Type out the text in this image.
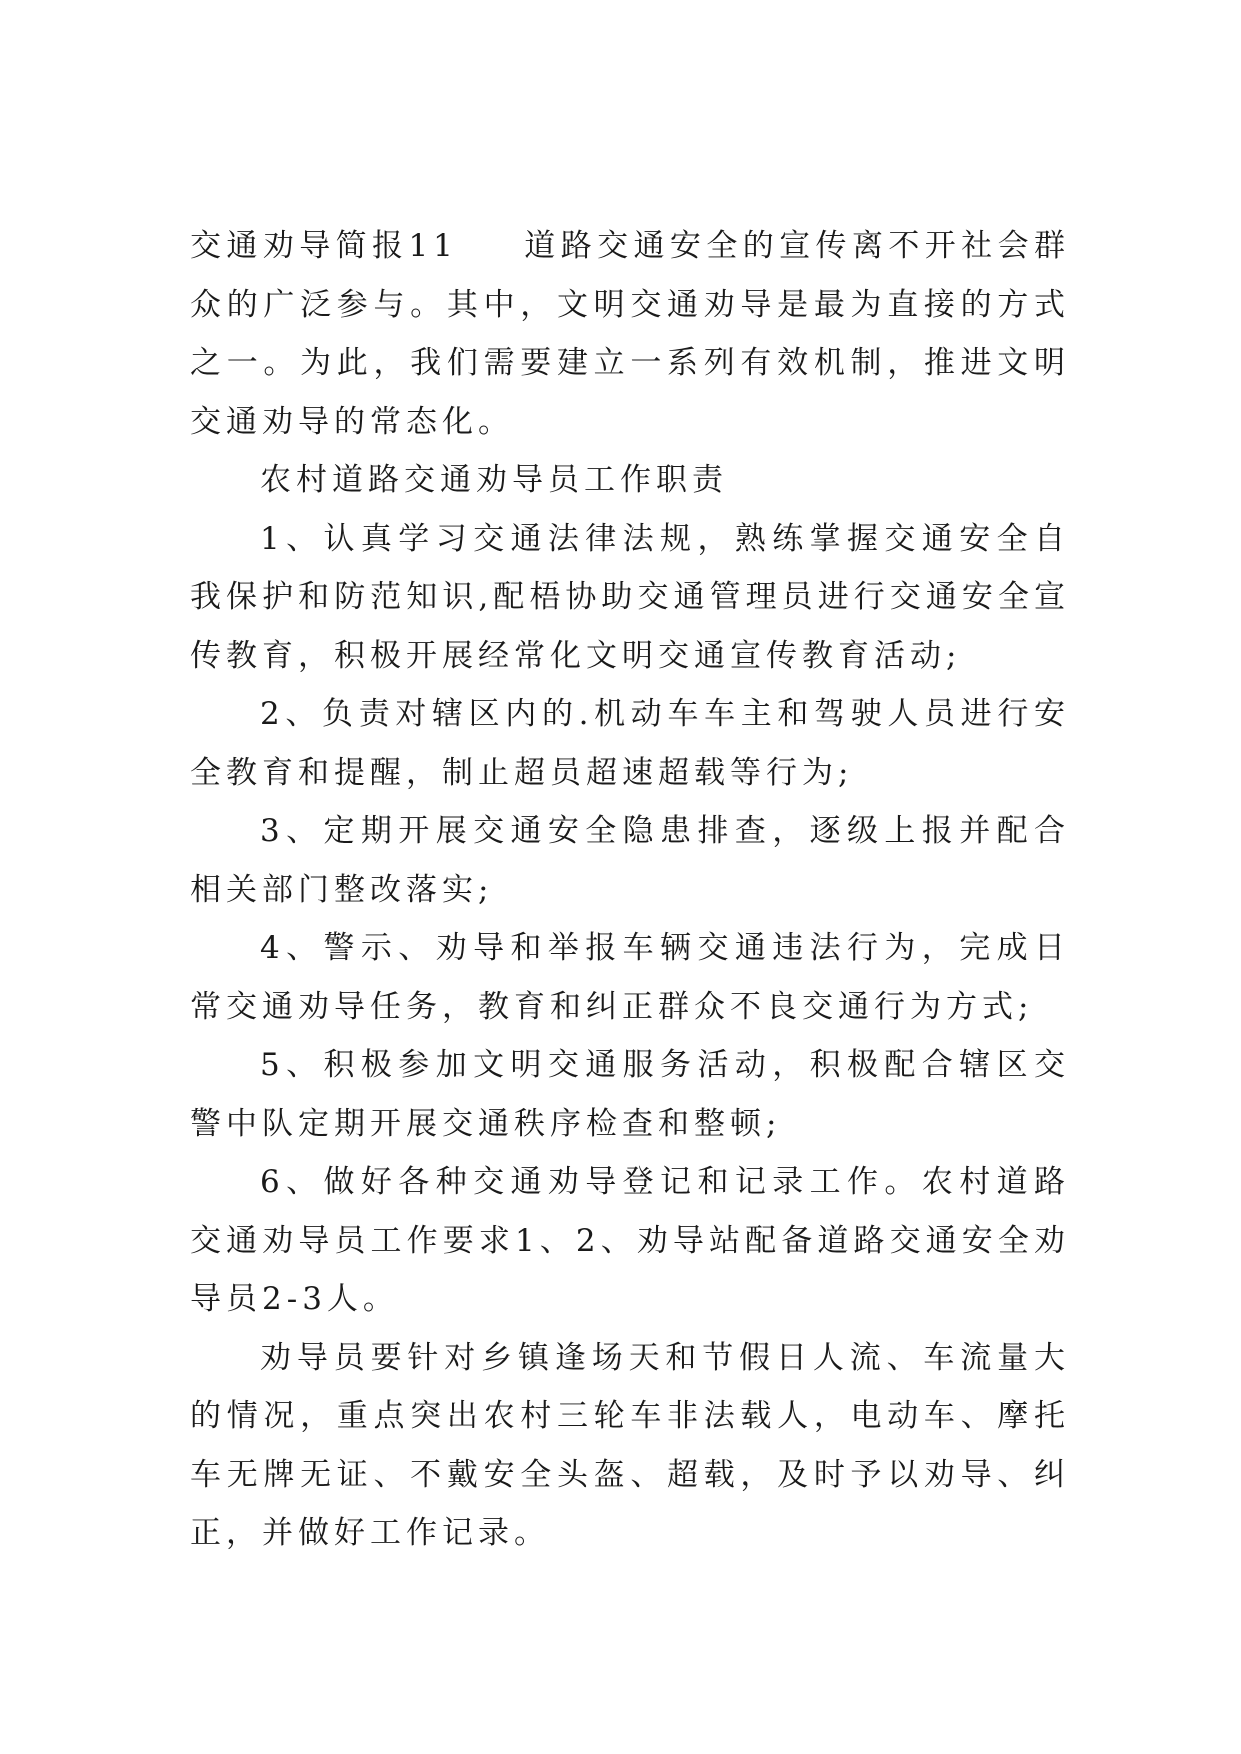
交通劝导简报11 道路交通安全的宣传离不开社会群众的广泛参与。其中，文明交通劝导是最为直接的方式之一。为此，我们需要建立一系列有效机制，推进文明交通劝导的常态化。

农村道路交通劝导员工作职责

1、认真学习交通法律法规，熟练掌握交通安全自我保护和防范知识,配梧协助交通管理员进行交通安全宣传教育，积极开展经常化文明交通宣传教育活动;

2、负责对辖区内的.机动车车主和驾驶人员进行安全教育和提醒，制止超员超速超载等行为;

3、定期开展交通安全隐患排查，逐级上报并配合相关部门整改落实;

4、警示、劝导和举报车辆交通违法行为，完成日常交通劝导任务，教育和纠正群众不良交通行为方式;

5、积极参加文明交通服务活动，积极配合辖区交警中队定期开展交通秩序检查和整顿;

6、做好各种交通劝导登记和记录工作。农村道路交通劝导员工作要求1、2、劝导站配备道路交通安全劝导员2-3人。

劝导员要针对乡镇逢场天和节假日人流、车流量大的情况，重点突出农村三轮车非法载人，电动车、摩托车无牌无证、不戴安全头盔、超载，及时予以劝导、纠正，并做好工作记录。
